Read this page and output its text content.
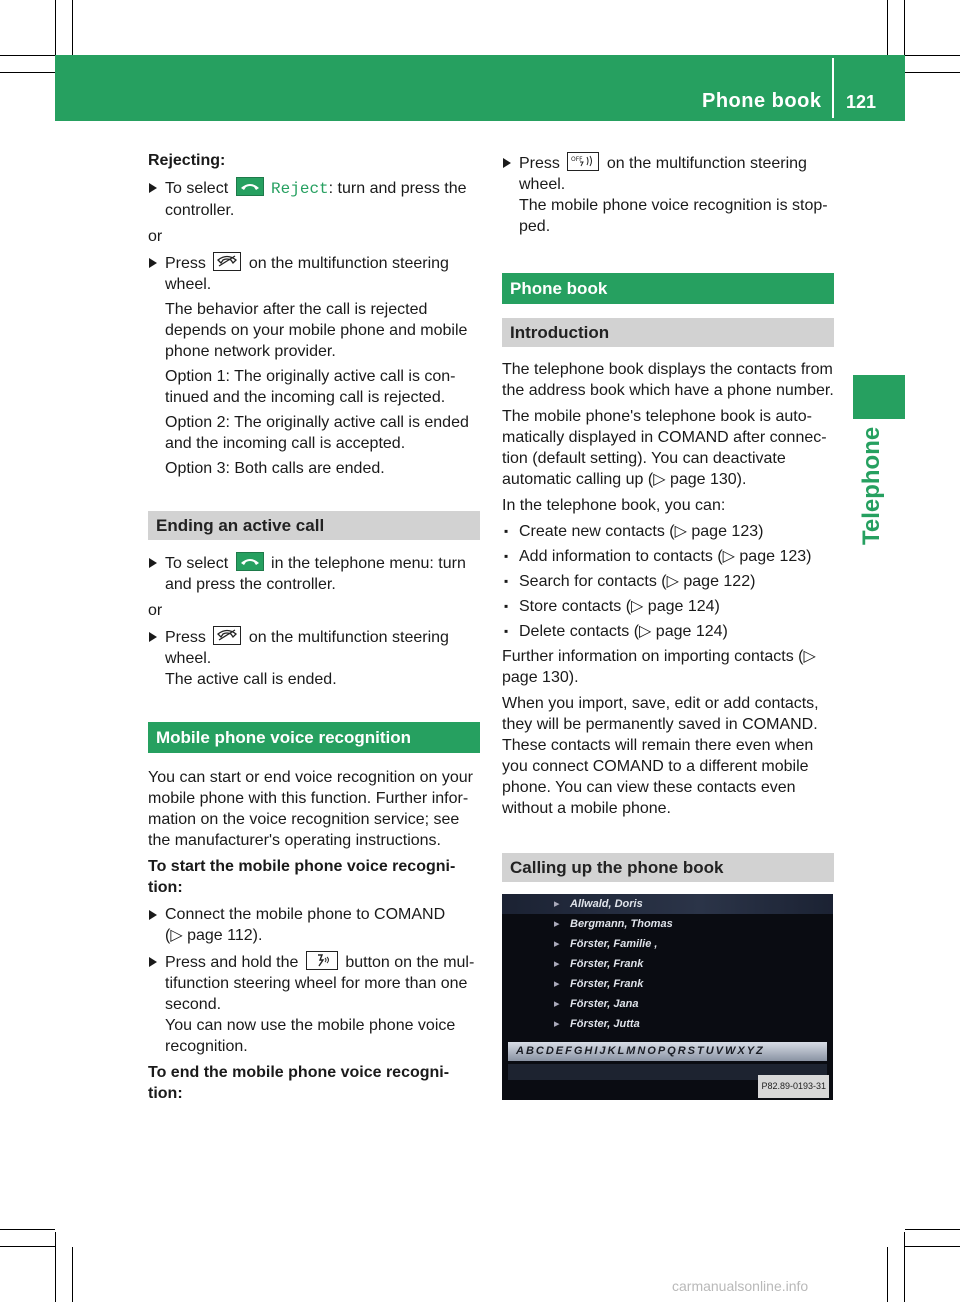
Phone book 121
Telephone

Rejecting:

To select	Reject: turn and press the controller.

or

Press	on the multifunction steering wheel.
The behavior after the call is rejected depends on your mobile phone and mobile phone network provider.
Option 1: The originally active call is con-tinued and the incoming call is rejected.
Option 2: The originally active call is ended and the incoming call is accepted.
Option 3: Both calls are ended.
Ending an active call
To select	in the telephone menu: turn and press the controller.

or

Press	on the multifunction steering wheel.
The active call is ended.
Mobile phone voice recognition

You can start or end voice recognition on your mobile phone with this function. Further infor-mation on the voice recognition service; see the manufacturer's operating instructions.

To start the mobile phone voice recogni-tion:

Connect the mobile phone to COMAND
(▷ page 112).
Press and hold the	button on the mul-tifunction steering wheel for more than one second.
You can now use the mobile phone voice recognition.

To end the mobile phone voice recogni-tion:

Press OFF on the multifunction steering wheel.
The mobile phone voice recognition is stop-ped.
Phone book
Introduction

The telephone book displays the contacts from the address book which have a phone number.

The mobile phone's telephone book is auto-matically displayed in COMAND after connec-tion (default setting). You can deactivate automatic calling up (▷ page 130).

In the telephone book, you can:

▪ Create new contacts (▷ page 123)
▪ Add information to contacts (▷ page 123)
▪ Search for contacts (▷ page 122)
▪ Store contacts (▷ page 124)
▪ Delete contacts (▷ page 124)

Further information on importing contacts (▷ page 130).

When you import, save, edit or add contacts, they will be permanently saved in COMAND. These contacts will remain there even when you connect COMAND to a different mobile phone. You can view these contacts even without a mobile phone.

Calling up the phone book
▸ Allwald, Doris
▸ Bergmann, Thomas
▸ Förster, Familie ,
▸ Förster, Frank
▸ Förster, Frank
▸ Förster, Jana
▸ Förster, Jutta
ABCDEFGHIJKLMNOPQRSTUVWXYZ
P82.89-0193-31
carmanualsonline.info
